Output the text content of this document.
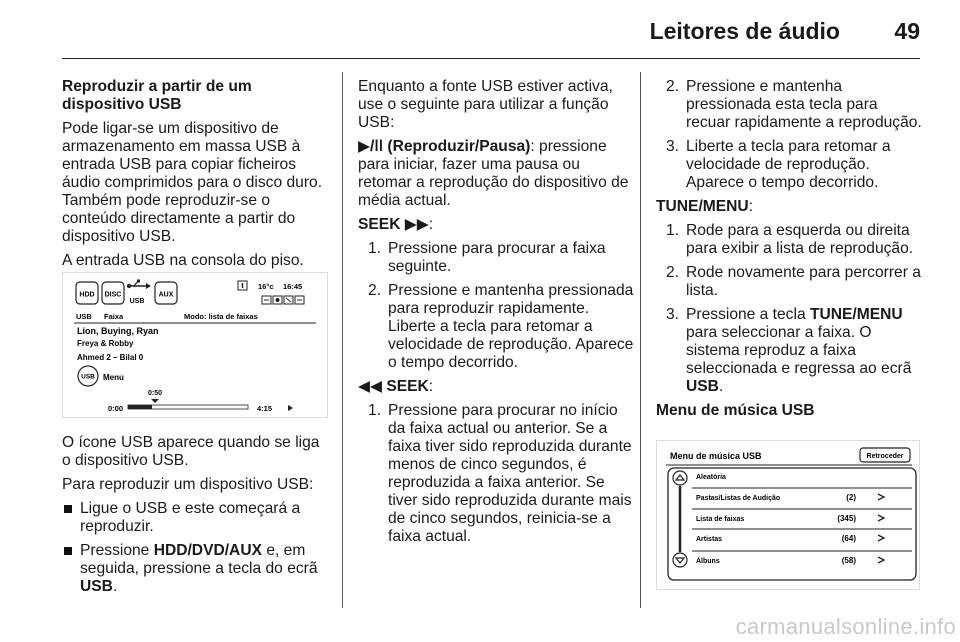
Leitores de áudio 49

Reproduzir a partir de um dispositivo USB

Pode ligar-se um dispositivo de armazenamento em massa USB à entrada USB para copiar ficheiros áudio comprimidos para o disco duro. Também pode reproduzir-se o conteúdo directamente a partir do dispositivo USB.

A entrada USB na consola do piso.

HDD DISC
USB
AUX
16°c 16:45
USB Faixa	Modo: lista de faixas
Lion, Buying, Ryan
Freya & Robby
Ahmed 2 – Bilal 0
USB Menu
0:50
0:00	4:15

O ícone USB aparece quando se liga o dispositivo USB.

Para reproduzir um dispositivo USB:

Ligue o USB e este começará a reproduzir.
Pressione HDD/DVD/AUX e, em seguida, pressione a tecla do ecrã USB.

Enquanto a fonte USB estiver activa, use o seguinte para utilizar a função USB:

▶/ǀǀ (Reproduzir/Pausa): pressione para iniciar, fazer uma pausa ou retomar a reprodução do dispositivo de média actual.

SEEK ▶▶:

1. Pressione para procurar a faixa seguinte.
2. Pressione e mantenha pressionada para reproduzir rapidamente. Liberte a tecla para retomar a velocidade de reprodução. Aparece o tempo decorrido.

◀◀ SEEK:

1. Pressione para procurar no início da faixa actual ou anterior. Se a faixa tiver sido reproduzida durante menos de cinco segundos, é reproduzida a faixa anterior. Se tiver sido reproduzida durante mais de cinco segundos, reinicia-se a faixa actual.
2. Pressione e mantenha pressionada esta tecla para recuar rapidamente a reprodução.
3. Liberte a tecla para retomar a velocidade de reprodução. Aparece o tempo decorrido.

TUNE/MENU:

1. Rode para a esquerda ou direita para exibir a lista de reprodução.
2. Rode novamente para percorrer a lista.
3. Pressione a tecla TUNE/MENU para seleccionar a faixa. O sistema reproduz a faixa seleccionada e regressa ao ecrã USB.

Menu de música USB

Menu de música USB	Retroceder
Aleatória
Pastas/Listas de Audição	(2)
Lista de faixas	(345)
Artistas	(64)
Álbuns	(58)
carmanualsonline.info
